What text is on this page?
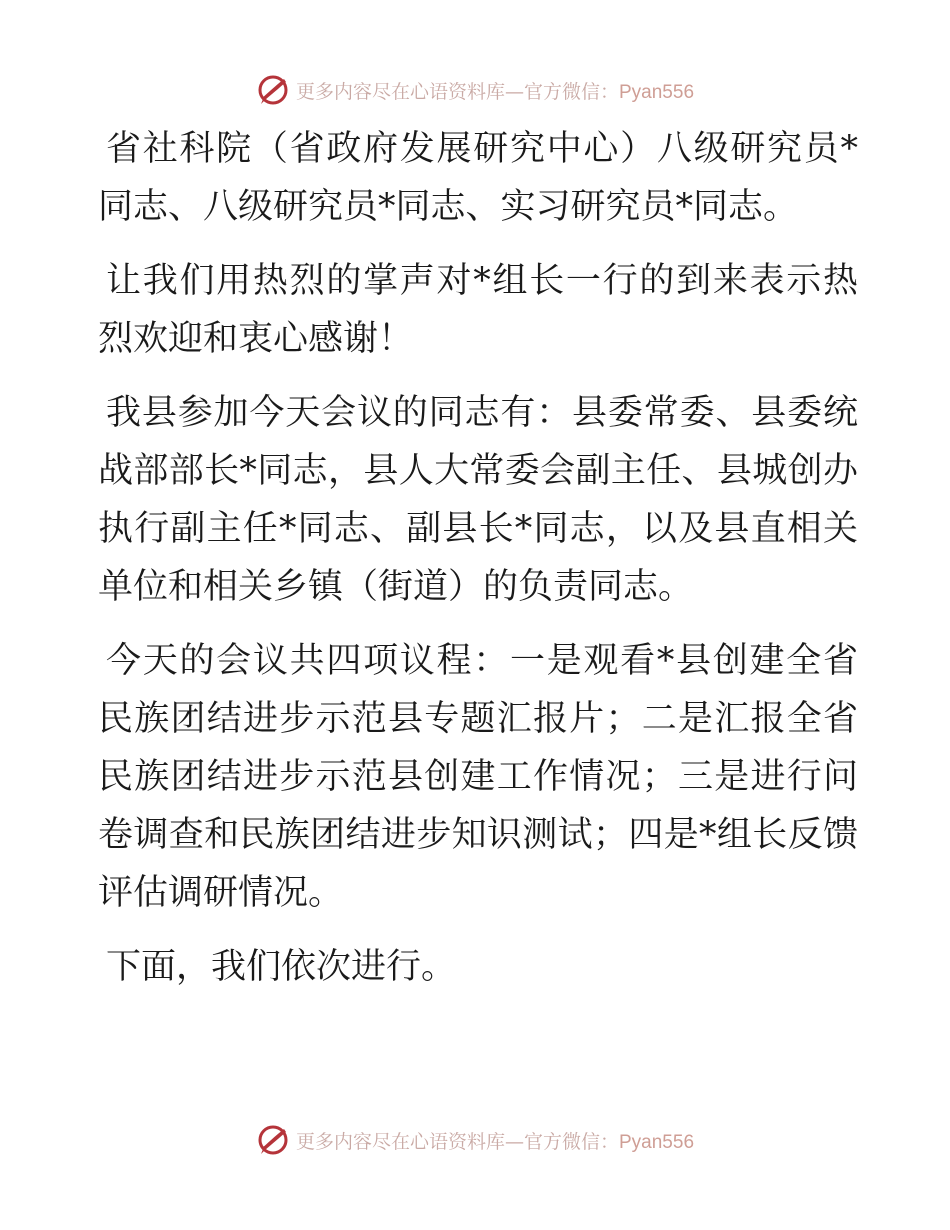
更多内容尽在心语资料库—官方微信：Pyan556

省社科院（省政府发展研究中心）八级研究员*同志、八级研究员*同志、实习研究员*同志。

让我们用热烈的掌声对*组长一行的到来表示热烈欢迎和衷心感谢！

我县参加今天会议的同志有：县委常委、县委统战部部长*同志，县人大常委会副主任、县城创办执行副主任*同志、副县长*同志，以及县直相关单位和相关乡镇（街道）的负责同志。

今天的会议共四项议程：一是观看*县创建全省民族团结进步示范县专题汇报片；二是汇报全省民族团结进步示范县创建工作情况；三是进行问卷调查和民族团结进步知识测试；四是*组长反馈评估调研情况。

下面，我们依次进行。

更多内容尽在心语资料库—官方微信：Pyan556
